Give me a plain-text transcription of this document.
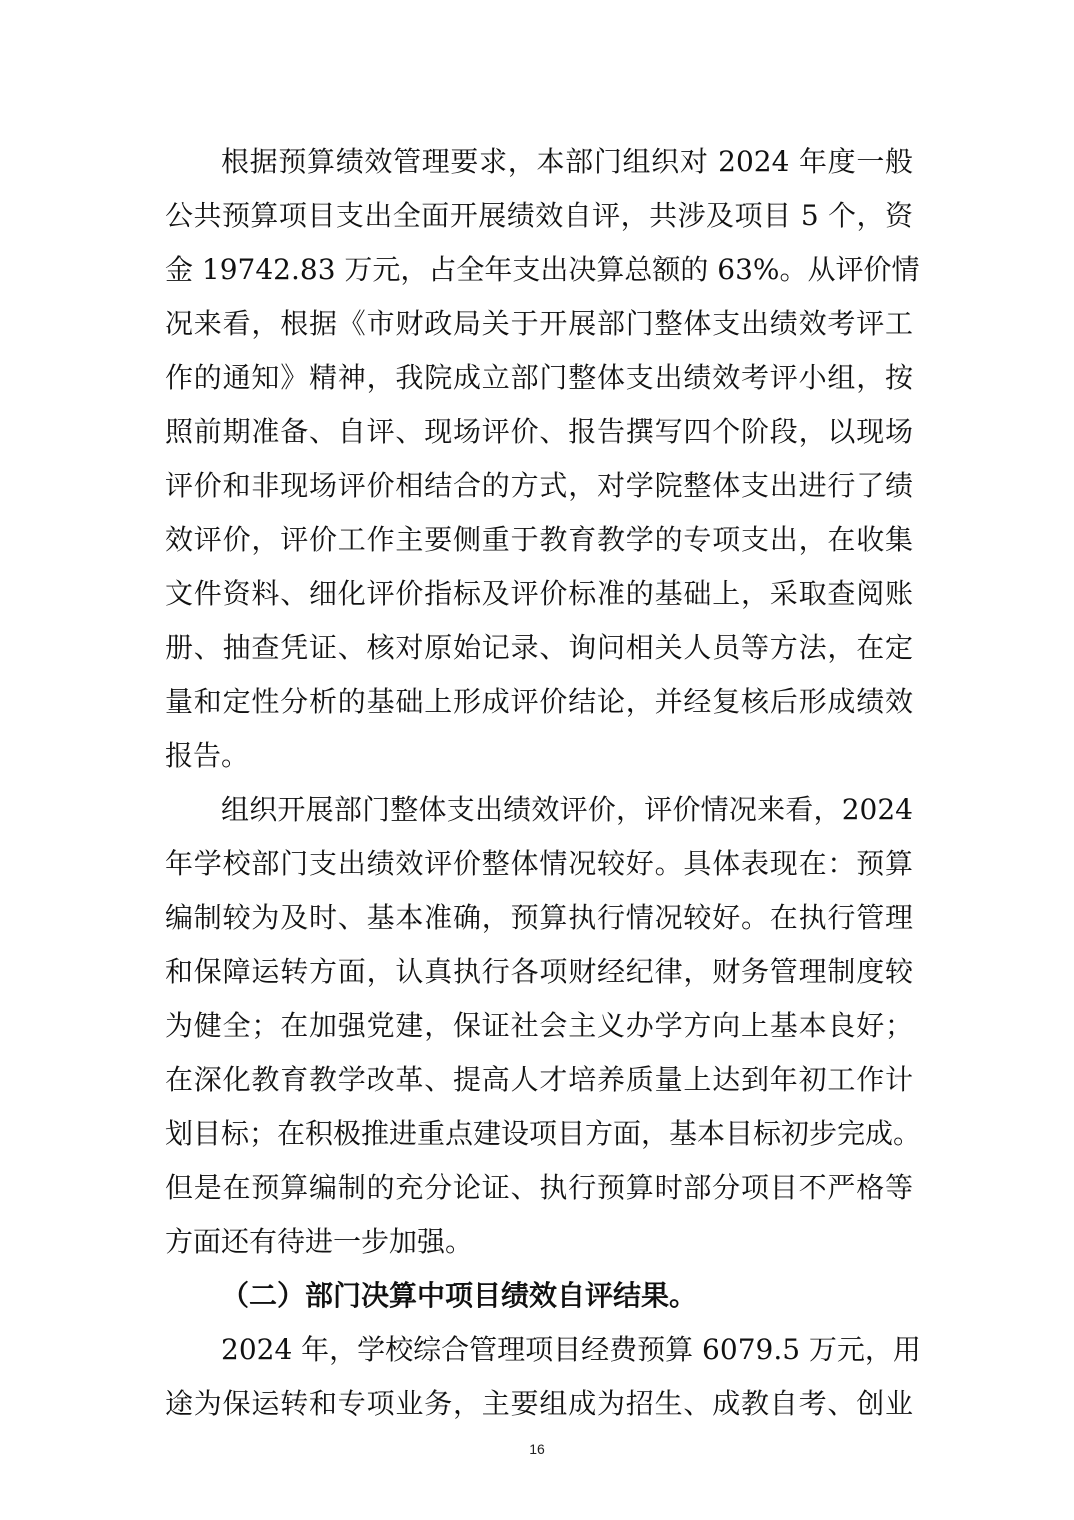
根据预算绩效管理要求，本部门组织对 2024 年度一般
公共预算项目支出全面开展绩效自评，共涉及项目 5 个，资
金 19742.83 万元，占全年支出决算总额的 63%。从评价情
况来看，根据《市财政局关于开展部门整体支出绩效考评工
作的通知》精神，我院成立部门整体支出绩效考评小组，按
照前期准备、自评、现场评价、报告撰写四个阶段，以现场
评价和非现场评价相结合的方式，对学院整体支出进行了绩
效评价，评价工作主要侧重于教育教学的专项支出，在收集
文件资料、细化评价指标及评价标准的基础上，采取查阅账
册、抽查凭证、核对原始记录、询问相关人员等方法，在定
量和定性分析的基础上形成评价结论，并经复核后形成绩效
报告。
组织开展部门整体支出绩效评价，评价情况来看，2024
年学校部门支出绩效评价整体情况较好。具体表现在：预算
编制较为及时、基本准确，预算执行情况较好。在执行管理
和保障运转方面，认真执行各项财经纪律，财务管理制度较
为健全；在加强党建，保证社会主义办学方向上基本良好；
在深化教育教学改革、提高人才培养质量上达到年初工作计
划目标；在积极推进重点建设项目方面，基本目标初步完成。
但是在预算编制的充分论证、执行预算时部分项目不严格等
方面还有待进一步加强。
（二）部门决算中项目绩效自评结果。
2024 年，学校综合管理项目经费预算 6079.5 万元，用
途为保运转和专项业务，主要组成为招生、成教自考、创业
16
